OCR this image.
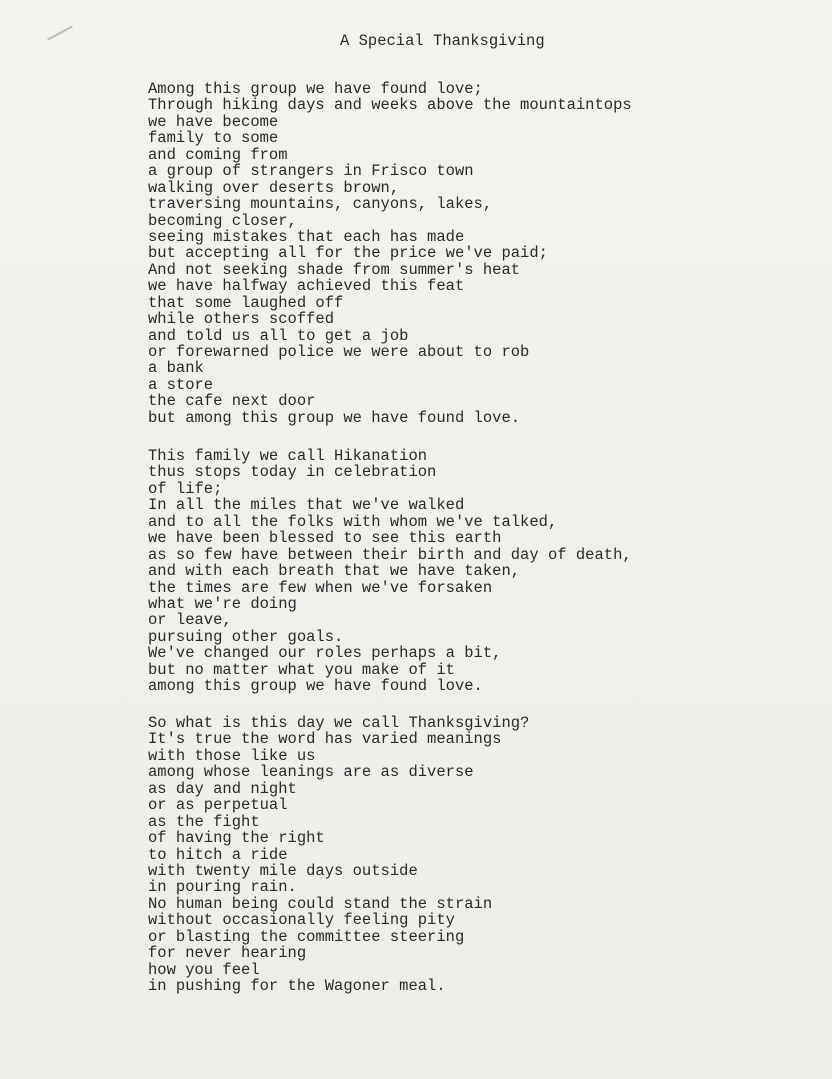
A Special Thanksgiving
Among this group we have found love;
Through hiking days and weeks above the mountaintops
we have become
family to some
and coming from
a group of strangers in Frisco town
walking over deserts brown,
traversing mountains, canyons, lakes,
becoming closer,
seeing mistakes that each has made
but accepting all for the price we've paid;
And not seeking shade from summer's heat
we have halfway achieved this feat
that some laughed off
while others scoffed
and told us all to get a job
or forewarned police we were about to rob
a bank
a store
the cafe next door
but among this group we have found love.
This family we call Hikanation
thus stops today in celebration
of life;
In all the miles that we've walked
and to all the folks with whom we've talked,
we have been blessed to see this earth
as so few have between their birth and day of death,
and with each breath that we have taken,
the times are few when we've forsaken
what we're doing
or leave,
pursuing other goals.
We've changed our roles perhaps a bit,
but no matter what you make of it
among this group we have found love.
So what is this day we call Thanksgiving?
It's true the word has varied meanings
with those like us
among whose leanings are as diverse
as day and night
or as perpetual
as the fight
of having the right
to hitch a ride
with twenty mile days outside
in pouring rain.
No human being could stand the strain
without occasionally feeling pity
or blasting the committee steering
for never hearing
how you feel
in pushing for the Wagoner meal.
